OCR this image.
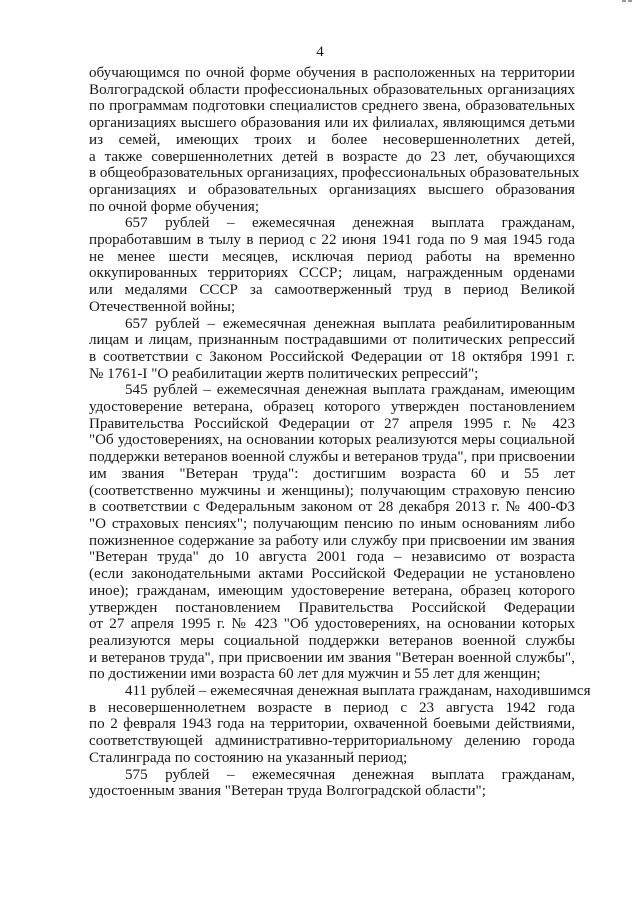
4

обучающимся по очной форме обучения в расположенных на территории
Волгоградской области профессиональных образовательных организациях
по программам подготовки специалистов среднего звена, образовательных
организациях высшего образования или их филиалах, являющимся детьми
из семей, имеющих троих и более несовершеннолетних детей,
а также совершеннолетних детей в возрасте до 23 лет, обучающихся
в общеобразовательных организациях, профессиональных образовательных
организациях и образовательных организациях высшего образования
по очной форме обучения;

657 рублей – ежемесячная денежная выплата гражданам,
проработавшим в тылу в период с 22 июня 1941 года по 9 мая 1945 года
не менее шести месяцев, исключая период работы на временно
оккупированных территориях СССР; лицам, награжденным орденами
или медалями СССР за самоотверженный труд в период Великой
Отечественной войны;

657 рублей – ежемесячная денежная выплата реабилитированным
лицам и лицам, признанным пострадавшими от политических репрессий
в соответствии с Законом Российской Федерации от 18 октября 1991 г.
№ 1761-I "О реабилитации жертв политических репрессий";

545 рублей – ежемесячная денежная выплата гражданам, имеющим
удостоверение ветерана, образец которого утвержден постановлением
Правительства Российской Федерации от 27 апреля 1995 г. № 423
"Об удостоверениях, на основании которых реализуются меры социальной
поддержки ветеранов военной службы и ветеранов труда", при присвоении
им звания "Ветеран труда": достигшим возраста 60 и 55 лет
(соответственно мужчины и женщины); получающим страховую пенсию
в соответствии с Федеральным законом от 28 декабря 2013 г. № 400-ФЗ
"О страховых пенсиях"; получающим пенсию по иным основаниям либо
пожизненное содержание за работу или службу при присвоении им звания
"Ветеран труда" до 10 августа 2001 года – независимо от возраста
(если законодательными актами Российской Федерации не установлено
иное); гражданам, имеющим удостоверение ветерана, образец которого
утвержден постановлением Правительства Российской Федерации
от 27 апреля 1995 г. № 423 "Об удостоверениях, на основании которых
реализуются меры социальной поддержки ветеранов военной службы
и ветеранов труда", при присвоении им звания "Ветеран военной службы",
по достижении ими возраста 60 лет для мужчин и 55 лет для женщин;

411 рублей – ежемесячная денежная выплата гражданам, находившимся
в несовершеннолетнем возрасте в период с 23 августа 1942 года
по 2 февраля 1943 года на территории, охваченной боевыми действиями,
соответствующей административно-территориальному делению города
Сталинграда по состоянию на указанный период;

575 рублей – ежемесячная денежная выплата гражданам,
удостоенным звания "Ветеран труда Волгоградской области";
